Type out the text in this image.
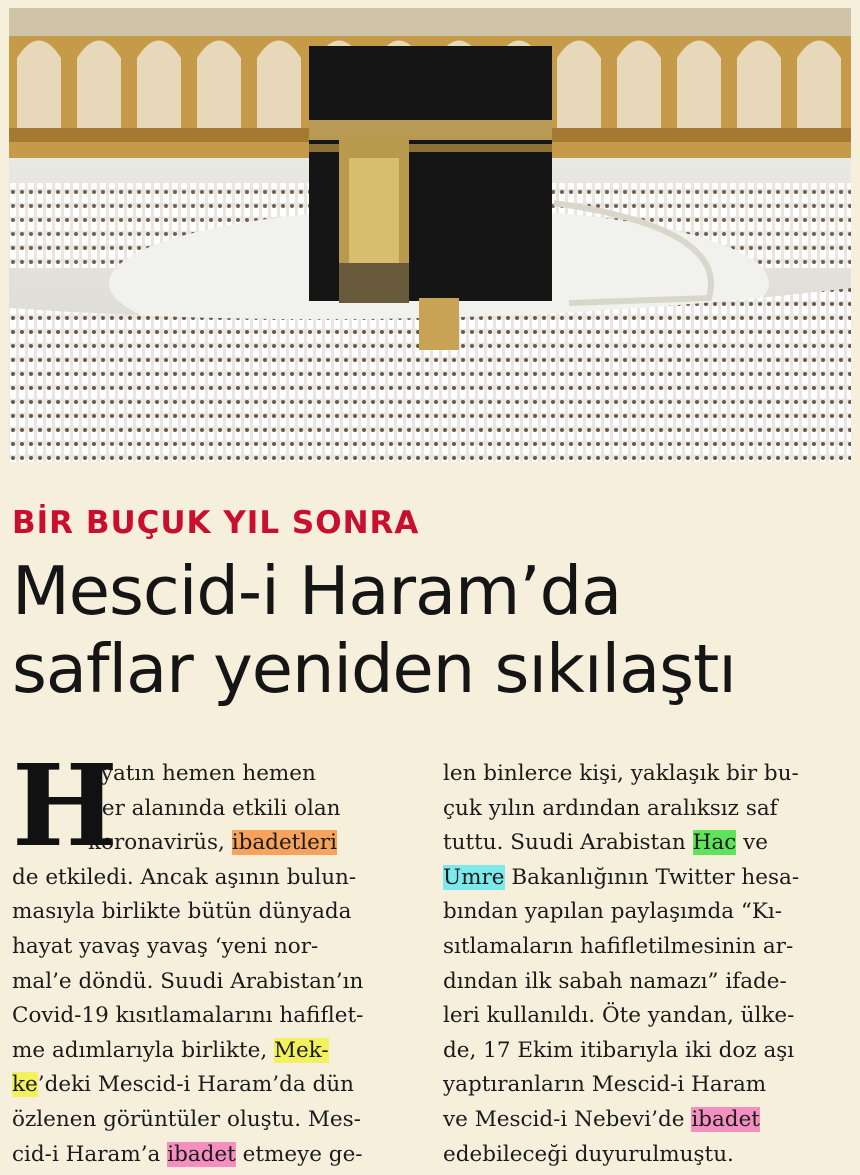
BİR BUÇUK YIL SONRA
Mescid-i Haram’da
saflar yeniden sıkılaştı
H
ayatın hemen hemen
her alanında etkili olan
koronavirüs, ibadetleri
de etkiledi. Ancak aşının bulun-
masıyla birlikte bütün dünyada
hayat yavaş yavaş ‘yeni nor-
mal’e döndü. Suudi Arabistan’ın
Covid-19 kısıtlamalarını hafiflet-
me adımlarıyla birlikte, Mek-
ke’deki Mescid-i Haram’da dün
özlenen görüntüler oluştu. Mes-
cid-i Haram’a ibadet etmeye ge-
len binlerce kişi, yaklaşık bir bu-
çuk yılın ardından aralıksız saf
tuttu. Suudi Arabistan Hac ve
Umre Bakanlığının Twitter hesa-
bından yapılan paylaşımda “Kı-
sıtlamaların hafifletilmesinin ar-
dından ilk sabah namazı” ifade-
leri kullanıldı. Öte yandan, ülke-
de, 17 Ekim itibarıyla iki doz aşı
yaptıranların Mescid-i Haram
ve Mescid-i Nebevi’de ibadet
edebileceği duyurulmuştu.
